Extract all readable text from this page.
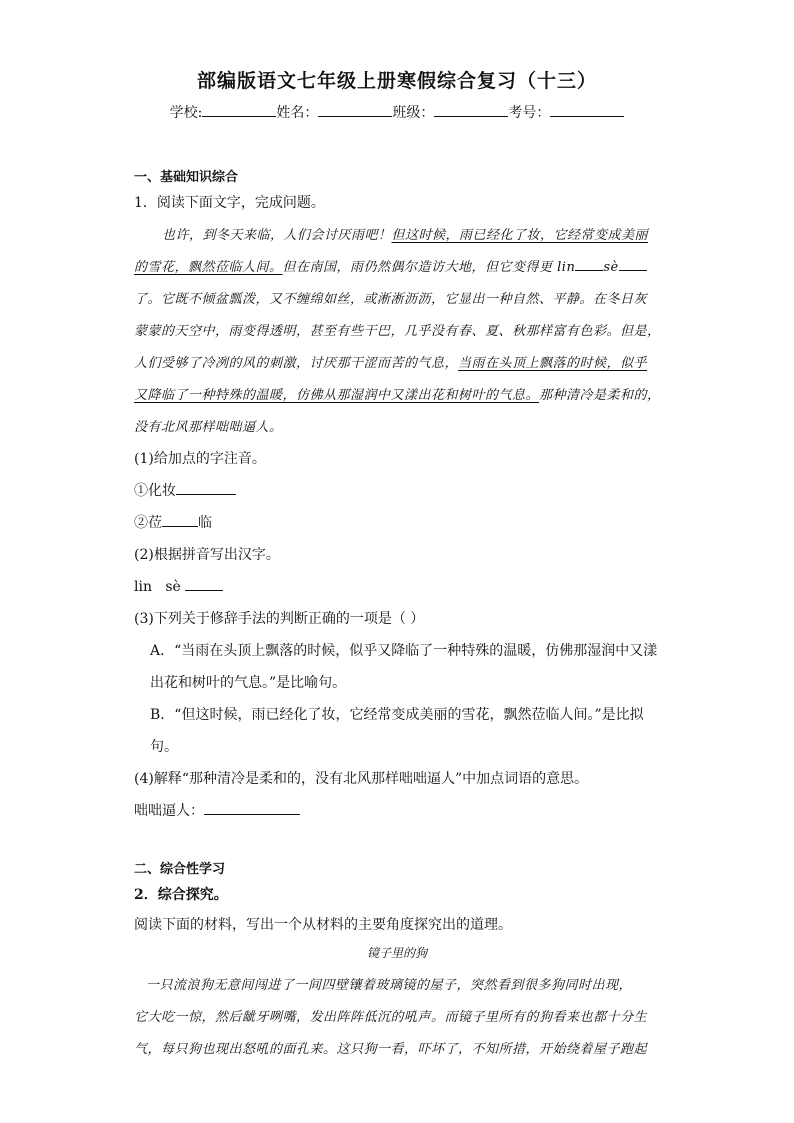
部编版语文七年级上册寒假综合复习（十三）
学校:	姓名：	班级：	考号：
一、基础知识综合
1．阅读下面文字，完成问题。
也许，到冬天来临，人们会讨厌雨吧！但这时候，雨已经化了妆，它经常变成美丽
的雪花，飘然莅临人间。但在南国，雨仍然偶尔造访大地，但它变得更 lin sè
了。它既不倾盆瓢泼，又不缠绵如丝，或淅淅沥沥，它显出一种自然、平静。在冬日灰
蒙蒙的天空中，雨变得透明，甚至有些干巴，几乎没有春、夏、秋那样富有色彩。但是，
人们受够了冷冽的风的刺激，讨厌那干涩而苦的气息，当雨在头顶上飘落的时候，似乎
又降临了一种特殊的温暖，仿佛从那湿润中又漾出花和树叶的气息。那种清冷是柔和的，
没有北风那样咄咄逼人。
(1)给加点的字注音。
①化妆
②莅	临
(2)根据拼音写出汉字。
lin   sè
(3)下列关于修辞手法的判断正确的一项是（ ）
A．“当雨在头顶上飘落的时候，似乎又降临了一种特殊的温暖，仿佛那湿润中又漾
出花和树叶的气息。”是比喻句。
B．“但这时候，雨已经化了妆，它经常变成美丽的雪花，飘然莅临人间。”是比拟
句。
(4)解释“那种清冷是柔和的，没有北风那样咄咄逼人”中加点词语的意思。
咄咄逼人：
二、综合性学习
2．综合探究。
阅读下面的材料，写出一个从材料的主要角度探究出的道理。
镜子里的狗
一只流浪狗无意间闯进了一间四壁镶着玻璃镜的屋子，突然看到很多狗同时出现，
它大吃一惊，然后龇牙咧嘴，发出阵阵低沉的吼声。而镜子里所有的狗看来也都十分生
气，每只狗也现出怒吼的面孔来。这只狗一看，吓坏了，不知所措，开始绕着屋子跑起
